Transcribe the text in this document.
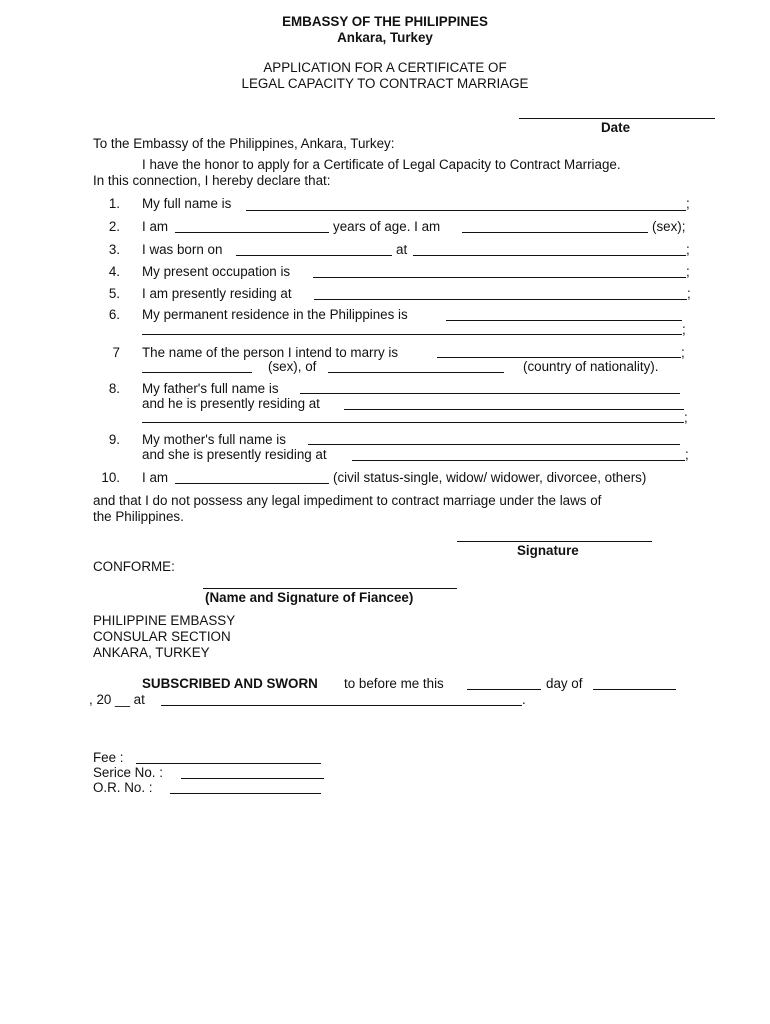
EMBASSY OF THE PHILIPPINES
Ankara, Turkey
APPLICATION FOR A CERTIFICATE OF
LEGAL CAPACITY TO CONTRACT MARRIAGE
Date
To the Embassy of the Philippines, Ankara, Turkey:
I have the honor to apply for a Certificate of Legal Capacity to Contract Marriage.
In this connection, I hereby declare that:
1. My full name is	;
2. I am	years of age. I am	(sex);
3. I was born on	at	;
4. My present occupation is	;
5. I am presently residing at	;
6. My permanent residence in the Philippines is
;
7 The name of the person I intend to marry is	;
(sex), of	(country of nationality).
8. My father's full name is
and he is presently residing at
;
9. My mother's full name is
and she is presently residing at	;
10. I am	(civil status-single, widow/ widower, divorcee, others)
and that I do not possess any legal impediment to contract marriage under the laws of
the Philippines.
Signature
CONFORME:
(Name and Signature of Fiancee)
PHILIPPINE EMBASSY
CONSULAR SECTION
ANKARA, TURKEY
SUBSCRIBED AND SWORN to before me this	day of
, 20 __ at	.
Fee :
Serice No. :
O.R. No. :
